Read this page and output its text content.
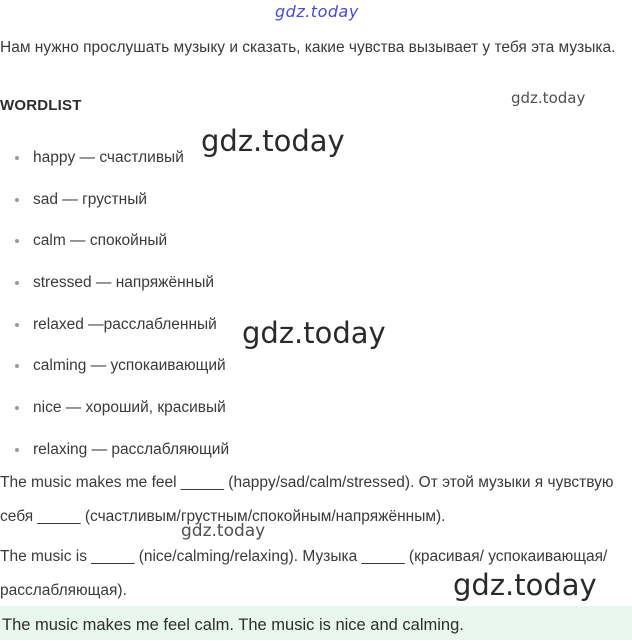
gdz.today

Нам нужно прослушать музыку и сказать, какие чувства вызывает у тебя эта музыка.

WORDLIST
happy — счастливый
sad — грустный
calm — спокойный
stressed — напряжённый
relaxed —расслабленный
calming — успокаивающий
nice — хороший, красивый
relaxing — расслабляющий

The music makes me feel _____ (happy/sad/calm/stressed). От этой музыки я чувствую себя _____ (счастливым/грустным/спокойным/напряжённым).

The music is _____ (nice/calming/relaxing). Музыка _____ (красивая/ успокаивающая/расслабляющая).

The music makes me feel calm. The music is nice and calming.
gdz.today
gdz.today
gdz.today
gdz.today
gdz.today
